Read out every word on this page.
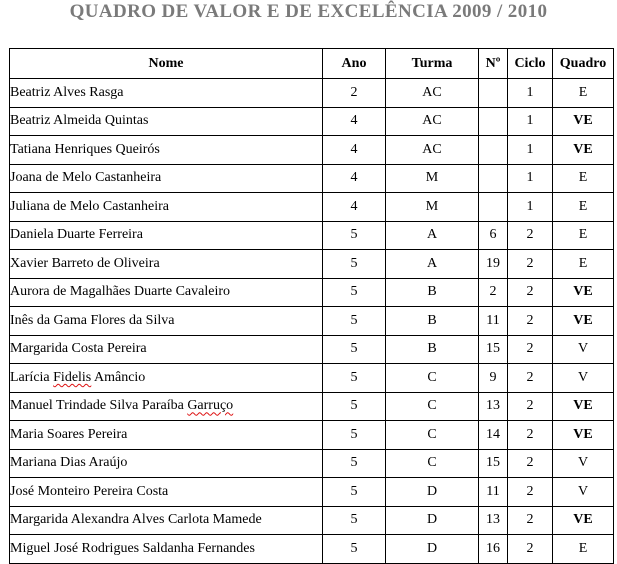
QUADRO DE VALOR E DE EXCELÊNCIA 2009 / 2010
Nome	Ano	Turma	Nº	Ciclo	Quadro
Beatriz Alves Rasga	2	AC		1	E
Beatriz Almeida Quintas	4	AC		1	VE
Tatiana Henriques Queirós	4	AC		1	VE
Joana de Melo Castanheira	4	M		1	E
Juliana de Melo Castanheira	4	M		1	E
Daniela Duarte Ferreira	5	A	6	2	E
Xavier Barreto de Oliveira	5	A	19	2	E
Aurora de Magalhães Duarte Cavaleiro	5	B	2	2	VE
Inês da Gama Flores da Silva	5	B	11	2	VE
Margarida Costa Pereira	5	B	15	2	V
Larícia Fidelis Amâncio	5	C	9	2	V
Manuel Trindade Silva Paraíba Garruço	5	C	13	2	VE
Maria Soares Pereira	5	C	14	2	VE
Mariana Dias Araújo	5	C	15	2	V
José Monteiro Pereira Costa	5	D	11	2	V
Margarida Alexandra Alves Carlota Mamede	5	D	13	2	VE
Miguel José Rodrigues Saldanha Fernandes	5	D	16	2	E
